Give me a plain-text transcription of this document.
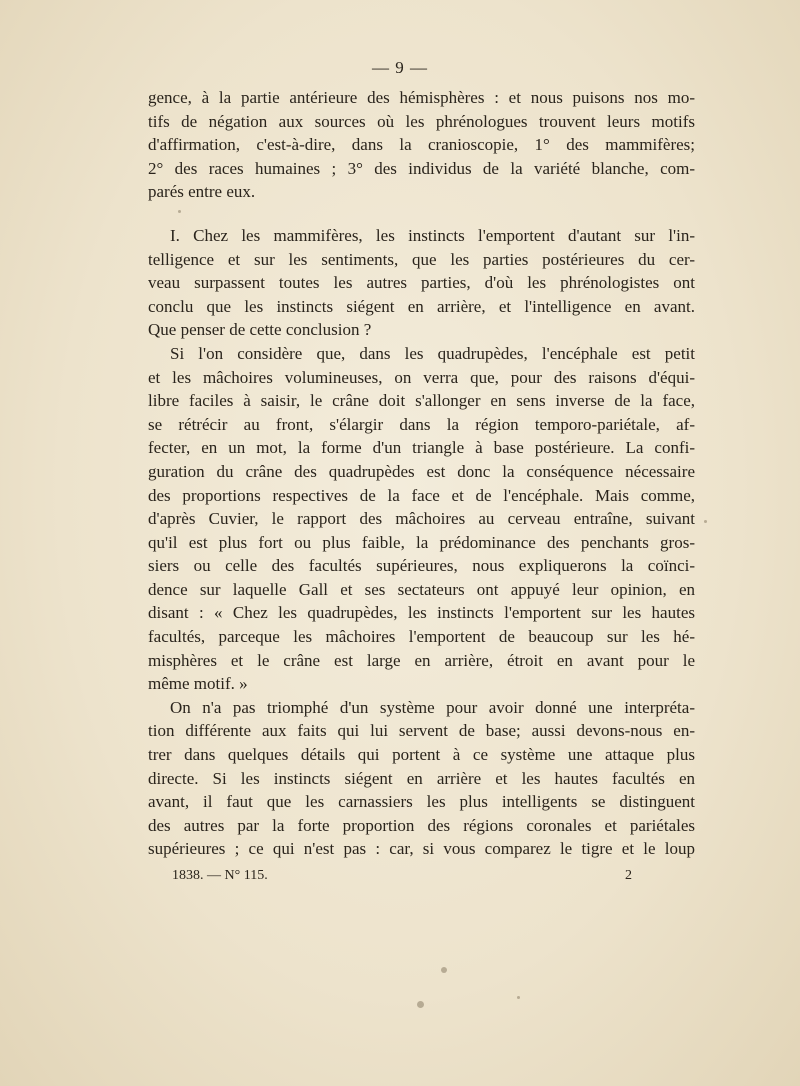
— 9 —
gence, à la partie antérieure des hémisphères : et nous puisons nos mo-
tifs de négation aux sources où les phrénologues trouvent leurs motifs
d'affirmation, c'est-à-dire, dans la cranioscopie, 1° des mammifères;
2° des races humaines ; 3° des individus de la variété blanche, com-
parés entre eux.
I. Chez les mammifères, les instincts l'emportent d'autant sur l'in-
telligence et sur les sentiments, que les parties postérieures du cer-
veau surpassent toutes les autres parties, d'où les phrénologistes ont
conclu que les instincts siégent en arrière, et l'intelligence en avant.
Que penser de cette conclusion ?
Si l'on considère que, dans les quadrupèdes, l'encéphale est petit
et les mâchoires volumineuses, on verra que, pour des raisons d'équi-
libre faciles à saisir, le crâne doit s'allonger en sens inverse de la face,
se rétrécir au front, s'élargir dans la région temporo-pariétale, af-
fecter, en un mot, la forme d'un triangle à base postérieure. La confi-
guration du crâne des quadrupèdes est donc la conséquence nécessaire
des proportions respectives de la face et de l'encéphale. Mais comme,
d'après Cuvier, le rapport des mâchoires au cerveau entraîne, suivant
qu'il est plus fort ou plus faible, la prédominance des penchants gros-
siers ou celle des facultés supérieures, nous expliquerons la coïnci-
dence sur laquelle Gall et ses sectateurs ont appuyé leur opinion, en
disant : « Chez les quadrupèdes, les instincts l'emportent sur les hautes
facultés, parceque les mâchoires l'emportent de beaucoup sur les hé-
misphères et le crâne est large en arrière, étroit en avant pour le
même motif. »
On n'a pas triomphé d'un système pour avoir donné une interpréta-
tion différente aux faits qui lui servent de base; aussi devons-nous en-
trer dans quelques détails qui portent à ce système une attaque plus
directe. Si les instincts siégent en arrière et les hautes facultés en
avant, il faut que les carnassiers les plus intelligents se distinguent
des autres par la forte proportion des régions coronales et pariétales
supérieures ; ce qui n'est pas : car, si vous comparez le tigre et le loup
1838. — N° 115.	2
